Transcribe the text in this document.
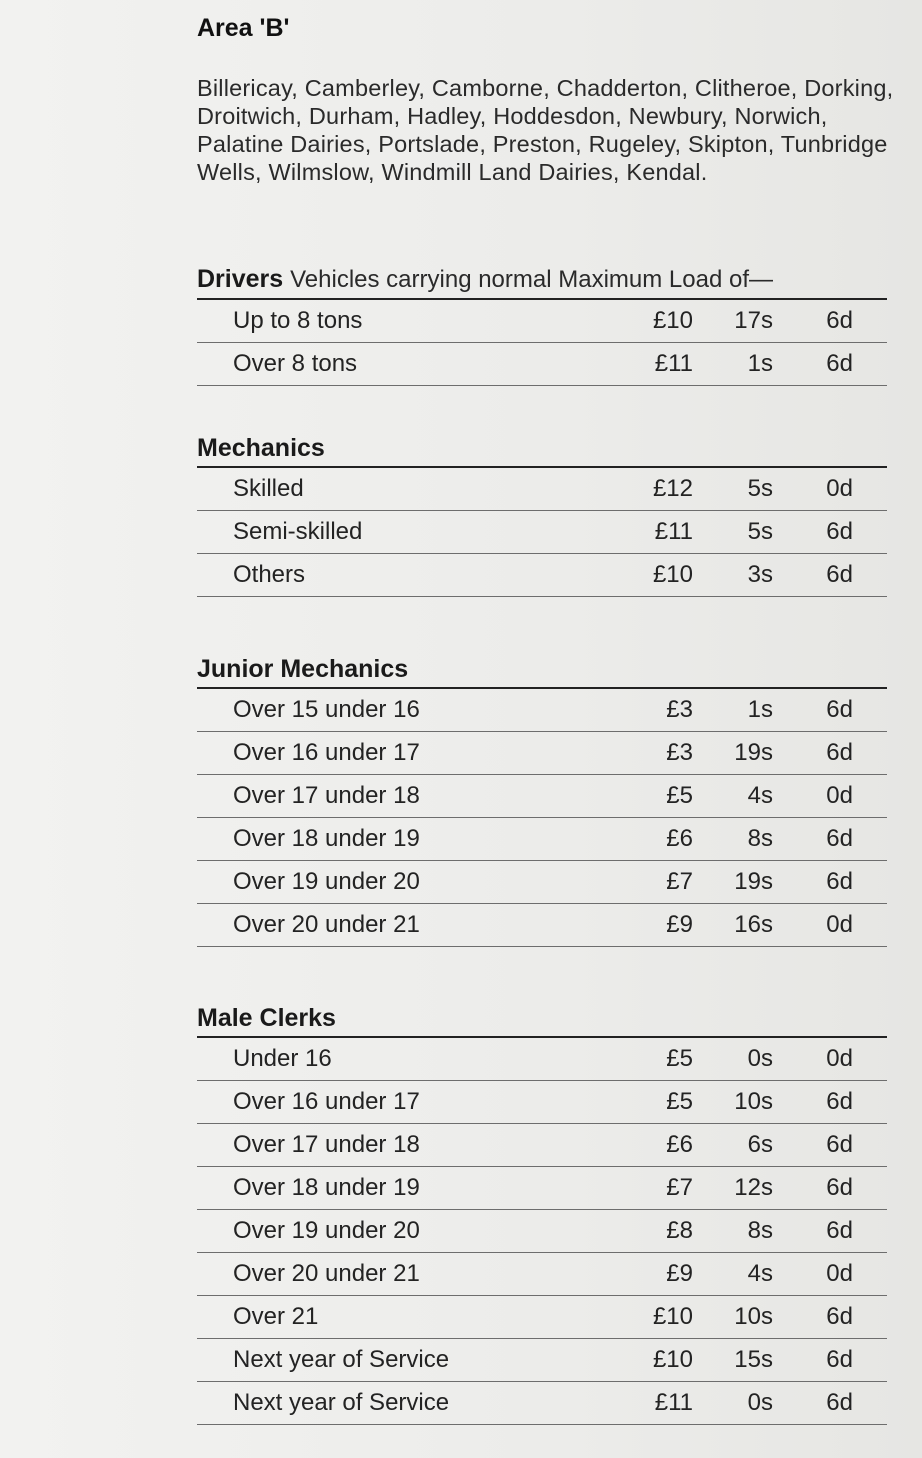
Area 'B'
Billericay, Camberley, Camborne, Chadderton, Clitheroe, Dorking, Droitwich, Durham, Hadley, Hoddesdon, Newbury, Norwich, Palatine Dairies, Portslade, Preston, Rugeley, Skipton, Tunbridge Wells, Wilmslow, Windmill Land Dairies, Kendal.
Drivers Vehicles carrying normal Maximum Load of—
Up to 8 tons	£10	17s	6d
Over 8 tons	£11	1s	6d
Mechanics
Skilled	£12	5s	0d
Semi-skilled	£11	5s	6d
Others	£10	3s	6d
Junior Mechanics
Over 15 under 16	£3	1s	6d
Over 16 under 17	£3	19s	6d
Over 17 under 18	£5	4s	0d
Over 18 under 19	£6	8s	6d
Over 19 under 20	£7	19s	6d
Over 20 under 21	£9	16s	0d
Male Clerks
Under 16	£5	0s	0d
Over 16 under 17	£5	10s	6d
Over 17 under 18	£6	6s	6d
Over 18 under 19	£7	12s	6d
Over 19 under 20	£8	8s	6d
Over 20 under 21	£9	4s	0d
Over 21	£10	10s	6d
Next year of Service	£10	15s	6d
Next year of Service	£11	0s	6d
